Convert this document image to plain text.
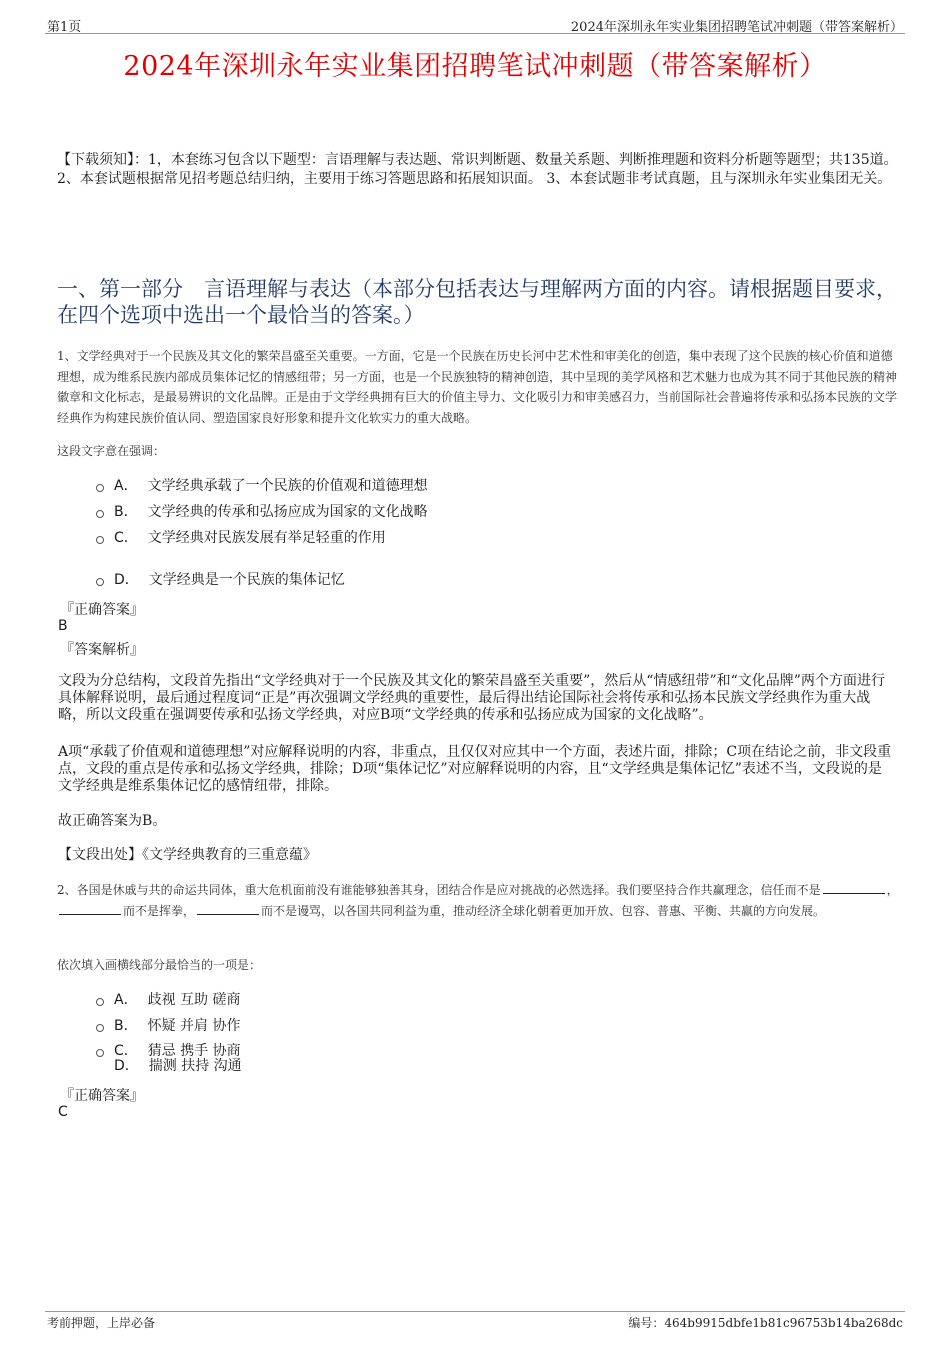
第1页	2024年深圳永年实业集团招聘笔试冲刺题（带答案解析）
2024年深圳永年实业集团招聘笔试冲刺题（带答案解析）
【下载须知】：1，本套练习包含以下题型：言语理解与表达题、常识判断题、数量关系题、判断推理题和资料分析题等题型；共135道。 2、本套试题根据常见招考题总结归纳，主要用于练习答题思路和拓展知识面。 3、本套试题非考试真题，且与深圳永年实业集团无关。
一、第一部分　言语理解与表达（本部分包括表达与理解两方面的内容。请根据题目要求，在四个选项中选出一个最恰当的答案。）
1、文学经典对于一个民族及其文化的繁荣昌盛至关重要。一方面，它是一个民族在历史长河中艺术性和审美化的创造，集中表现了这个民族的核心价值和道德理想，成为维系民族内部成员集体记忆的情感纽带；另一方面，也是一个民族独特的精神创造，其中呈现的美学风格和艺术魅力也成为其不同于其他民族的精神徽章和文化标志，是最易辨识的文化品牌。正是由于文学经典拥有巨大的价值主导力、文化吸引力和审美感召力，当前国际社会普遍将传承和弘扬本民族的文学经典作为构建民族价值认同、塑造国家良好形象和提升文化软实力的重大战略。
这段文字意在强调：
A． 文学经典承载了一个民族的价值观和道德理想
B． 文学经典的传承和弘扬应成为国家的文化战略
C． 文学经典对民族发展有举足轻重的作用
D． 文学经典是一个民族的集体记忆
『正确答案』
B
『答案解析』
文段为分总结构，文段首先指出“文学经典对于一个民族及其文化的繁荣昌盛至关重要”，然后从“情感纽带”和“文化品牌”两个方面进行具体解释说明，最后通过程度词“正是”再次强调文学经典的重要性，最后得出结论国际社会将传承和弘扬本民族文学经典作为重大战略，所以文段重在强调要传承和弘扬文学经典，对应B项“文学经典的传承和弘扬应成为国家的文化战略”。
A项“承载了价值观和道德理想”对应解释说明的内容，非重点，且仅仅对应其中一个方面，表述片面，排除；C项在结论之前，非文段重点，文段的重点是传承和弘扬文学经典，排除；D项“集体记忆”对应解释说明的内容，且“文学经典是集体记忆”表述不当，文段说的是文学经典是维系集体记忆的感情纽带，排除。
故正确答案为B。
【文段出处】《文学经典教育的三重意蕴》
2、各国是休戚与共的命运共同体，重大危机面前没有谁能够独善其身，团结合作是应对挑战的必然选择。我们要坚持合作共赢理念，信任而不是	，而不是挥拳，	而不是谩骂，以各国共同利益为重，推动经济全球化朝着更加开放、包容、普惠、平衡、共赢的方向发展。
依次填入画横线部分最恰当的一项是：
A． 歧视 互助 磋商
B． 怀疑 并肩 协作
C． 猜忌 携手 协商
D． 揣测 扶持 沟通
『正确答案』
C
考前押题，上岸必备	编号：464b9915dbfe1b81c96753b14ba268dc
